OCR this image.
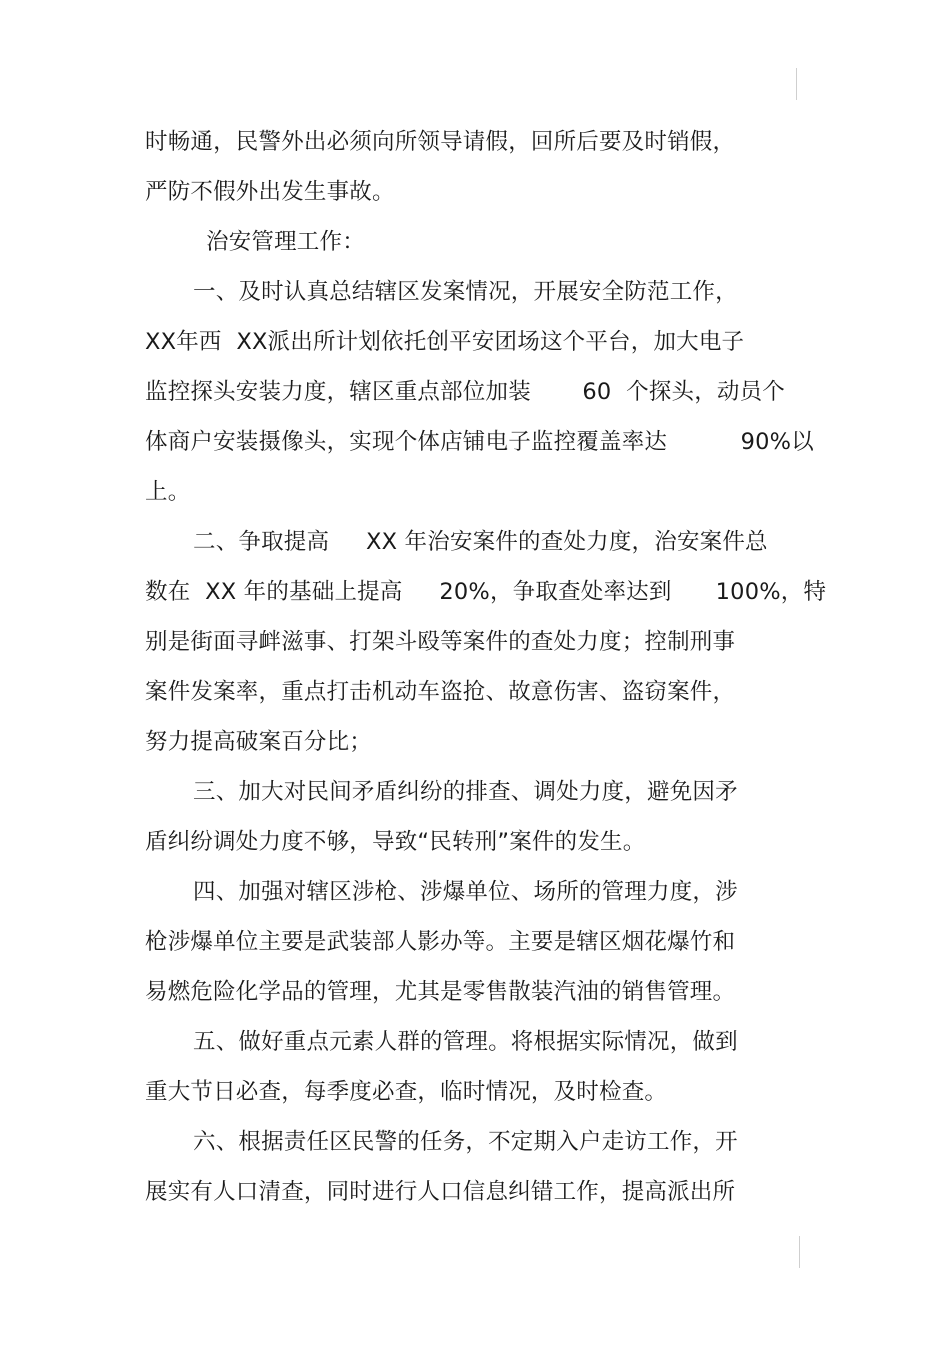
时畅通，民警外出必须向所领导请假，回所后要及时销假，
严防不假外出发生事故。
治安管理工作：
一、及时认真总结辖区发案情况，开展安全防范工作，
XX年西  XX派出所计划依托创平安团场这个平台，加大电子
监控探头安装力度，辖区重点部位加装       60  个探头，动员个
体商户安装摄像头，实现个体店铺电子监控覆盖率达          90%以
上。
二、争取提高     XX 年治安案件的查处力度，治安案件总
数在  XX 年的基础上提高     20%，争取查处率达到      100%，特
别是街面寻衅滋事、打架斗殴等案件的查处力度；控制刑事
案件发案率，重点打击机动车盗抢、故意伤害、盗窃案件，
努力提高破案百分比；
三、加大对民间矛盾纠纷的排查、调处力度，避免因矛
盾纠纷调处力度不够，导致“民转刑”案件的发生。
四、加强对辖区涉枪、涉爆单位、场所的管理力度，涉
枪涉爆单位主要是武装部人影办等。主要是辖区烟花爆竹和
易燃危险化学品的管理，尤其是零售散装汽油的销售管理。
五、做好重点元素人群的管理。将根据实际情况，做到
重大节日必查，每季度必查，临时情况，及时检查。
六、根据责任区民警的任务，不定期入户走访工作，开
展实有人口清查，同时进行人口信息纠错工作，提高派出所
